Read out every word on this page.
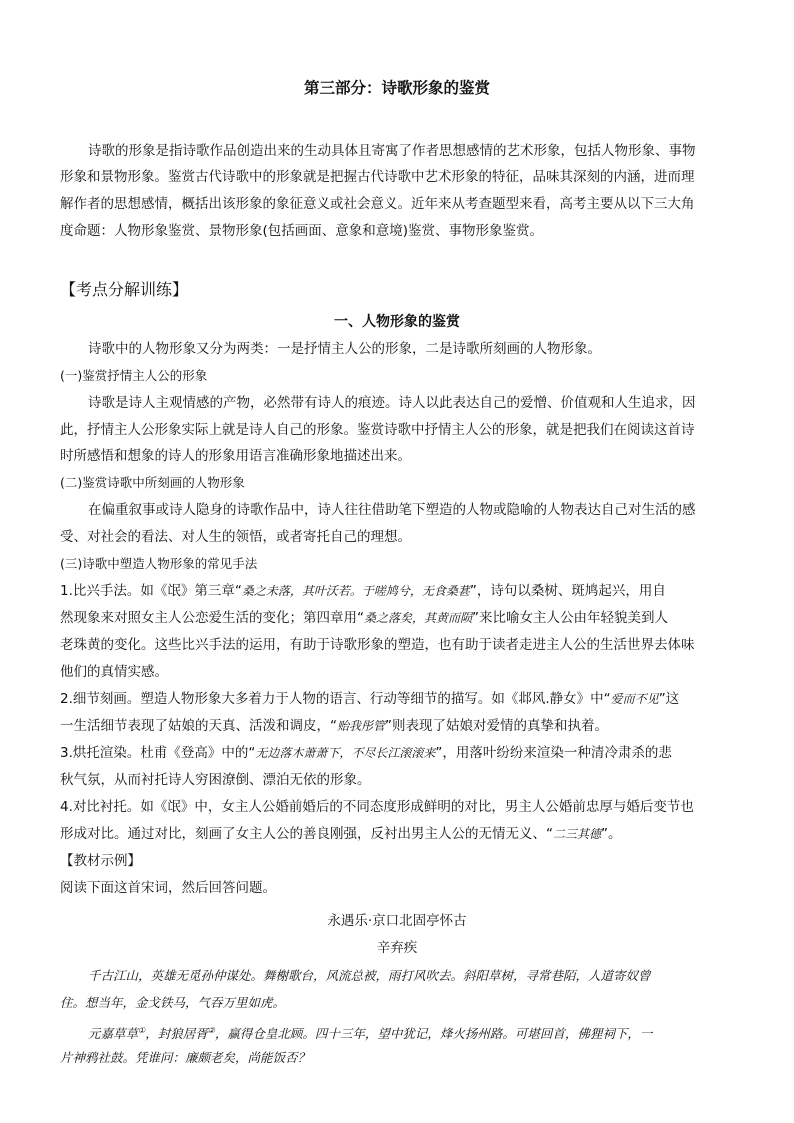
第三部分：诗歌形象的鉴赏
诗歌的形象是指诗歌作品创造出来的生动具体且寄寓了作者思想感情的艺术形象，包括人物形象、事物
形象和景物形象。鉴赏古代诗歌中的形象就是把握古代诗歌中艺术形象的特征，品味其深刻的内涵，进而理
解作者的思想感情，概括出该形象的象征意义或社会意义。近年来从考查题型来看，高考主要从以下三大角
度命题：人物形象鉴赏、景物形象(包括画面、意象和意境)鉴赏、事物形象鉴赏。
【考点分解训练】
一、人物形象的鉴赏
诗歌中的人物形象又分为两类：一是抒情主人公的形象，二是诗歌所刻画的人物形象。
(一)鉴赏抒情主人公的形象
诗歌是诗人主观情感的产物，必然带有诗人的痕迹。诗人以此表达自己的爱憎、价值观和人生追求，因
此，抒情主人公形象实际上就是诗人自己的形象。鉴赏诗歌中抒情主人公的形象，就是把我们在阅读这首诗
时所感悟和想象的诗人的形象用语言准确形象地描述出来。
(二)鉴赏诗歌中所刻画的人物形象
在偏重叙事或诗人隐身的诗歌作品中，诗人往往借助笔下塑造的人物或隐喻的人物表达自己对生活的感
受、对社会的看法、对人生的领悟，或者寄托自己的理想。
(三)诗歌中塑造人物形象的常见手法
1.比兴手法。如《氓》第三章“桑之未落，其叶沃若。于嗟鸠兮，无食桑葚”，诗句以桑树、斑鸠起兴，用自
然现象来对照女主人公恋爱生活的变化；第四章用“桑之落矣，其黄而陨”来比喻女主人公由年轻貌美到人
老珠黄的变化。这些比兴手法的运用，有助于诗歌形象的塑造，也有助于读者走进主人公的生活世界去体味
他们的真情实感。
2.细节刻画。塑造人物形象大多着力于人物的语言、行动等细节的描写。如《邶风.静女》中“爱而不见”这
一生活细节表现了姑娘的天真、活泼和调皮，“贻我彤管”则表现了姑娘对爱情的真挚和执着。
3.烘托渲染。杜甫《登高》中的“无边落木萧萧下，不尽长江滚滚来”，用落叶纷纷来渲染一种清冷肃杀的悲
秋气氛，从而衬托诗人穷困潦倒、漂泊无依的形象。
4.对比衬托。如《氓》中，女主人公婚前婚后的不同态度形成鲜明的对比，男主人公婚前忠厚与婚后变节也
形成对比。通过对比，刻画了女主人公的善良刚强，反衬出男主人公的无情无义、“二三其德”。
【教材示例】
阅读下面这首宋词，然后回答问题。
永遇乐·京口北固亭怀古
辛弃疾
千古江山，英雄无觅孙仲谋处。舞榭歌台，风流总被，雨打风吹去。斜阳草树，寻常巷陌，人道寄奴曾
住。想当年，金戈铁马，气吞万里如虎。
元嘉草草①，封狼居胥②，赢得仓皇北顾。四十三年，望中犹记，烽火扬州路。可堪回首，佛狸祠下，一
片神鸦社鼓。凭谁问：廉颇老矣，尚能饭否？
